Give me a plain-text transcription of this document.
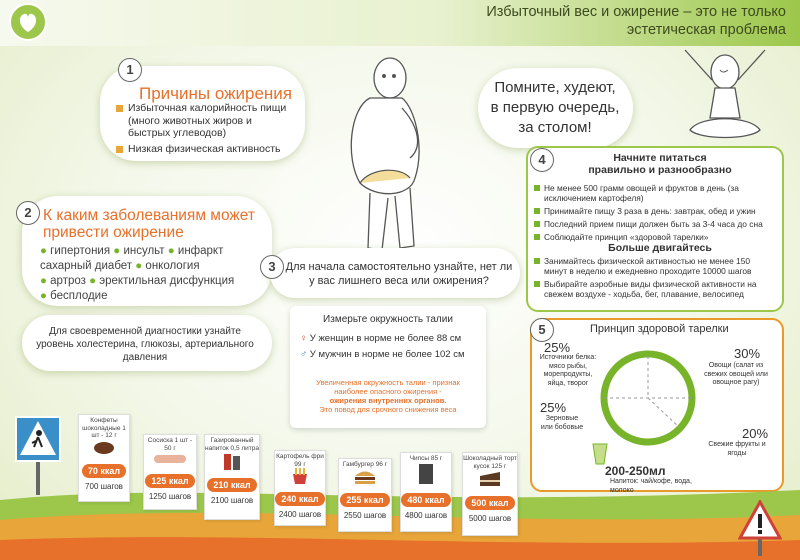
Избыточный вес и ожирение – это не только
эстетическая проблема
1
Причины ожирения
Избыточная калорийность пищи (много животных жиров и быстрых углеводов)
Низкая физическая активность
2 К каким заболеваниям может привести ожирение
● гипертония ● инсульт ● инфаркт
сахарный диабет ● онкология
● артроз ● эректильная дисфункция
● бесплодие
Для своевременной диагностики узнайте уровень холестерина, глюкозы, артериального давления
Помните, худеют, в первую очередь, за столом!
4	Начните питаться
правильно и разнообразно
Не менее 500 грамм овощей и фруктов в день (за исключением картофеля)
Принимайте пищу 3 раза в день: завтрак, обед и ужин
Последний прием пищи должен быть за 3-4 часа до сна
Соблюдайте принцип «здоровой тарелки»
Больше двигайтесь
Занимайтесь физической активностью не менее 150 минут в неделю и ежедневно проходите 10000 шагов
Выбирайте аэробные виды физической активности на свежем воздухе - ходьба, бег, плавание, велосипед
3 Для начала самостоятельно узнайте, нет ли у вас лишнего веса или ожирения?
Измерьте окружность талии
♀ У женщин в норме не более 88 см
♂ У мужчин в норме не более 102 см
Увеличенная окружность талии - признак
наиболее опасного ожирения -
ожирения внутренних органов.
Это повод для срочного снижения веса
5	Принцип здоровой тарелки
25%
Источники белка: мясо рыбы, морепродукты, яйца, творог
30%
Овощи (салат из свежих овощей или овощное рагу)
25%
Зерновые или бобовые	20%
Свежие фрукты и ягоды
200-250мл
Напиток: чай/кофе, вода, молоко
Конфеты шоколадные 1 шт - 12 г
70 ккал
700 шагов
Сосиска 1 шт - 50 г
125 ккал
1250 шагов
Газированный напиток 0,5 литра
210 ккал
2100 шагов
Картофель фри 99 г
240 ккал
2400 шагов
Гамбургер 96 г
255 ккал
2550 шагов
Чипсы 85 г
480 ккал
4800 шагов
Шоколадный торт кусок 125 г
500 ккал
5000 шагов
